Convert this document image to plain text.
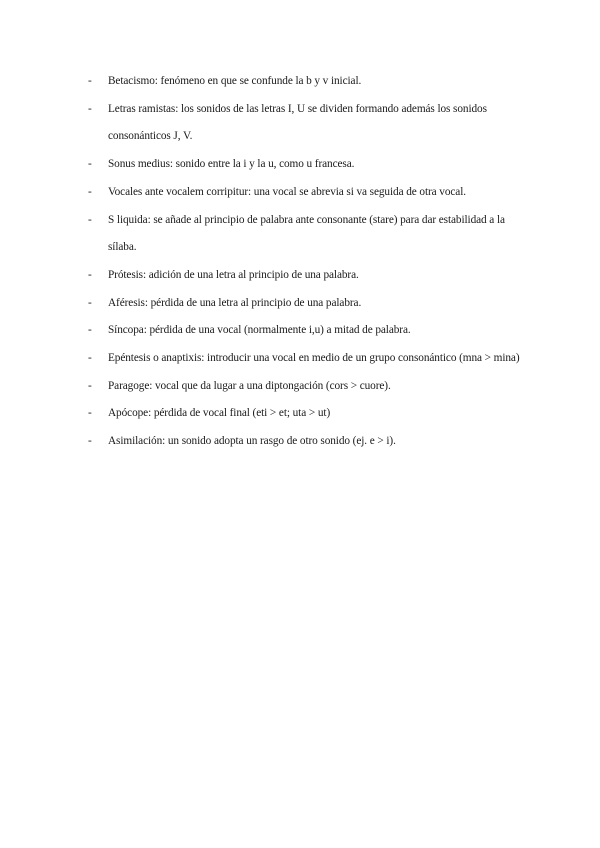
- Betacismo: fenómeno en que se confunde la b y v inicial.
- Letras ramistas: los sonidos de las letras I, U se dividen formando además los sonidos consonánticos J, V.
- Sonus medius: sonido entre la i y la u, como u francesa.
- Vocales ante vocalem corripitur: una vocal se abrevia si va seguida de otra vocal.
- S liquida: se añade al principio de palabra ante consonante (stare) para dar estabilidad a la sílaba.
- Prótesis: adición de una letra al principio de una palabra.
- Aféresis: pérdida de una letra al principio de una palabra.
- Síncopa: pérdida de una vocal (normalmente i,u) a mitad de palabra.
- Epéntesis o anaptixis: introducir una vocal en medio de un grupo consonántico (mna > mina)
- Paragoge: vocal que da lugar a una diptongación (cors > cuore).
- Apócope: pérdida de vocal final (eti > et; uta > ut)
- Asimilación: un sonido adopta un rasgo de otro sonido (ej. e > i).
